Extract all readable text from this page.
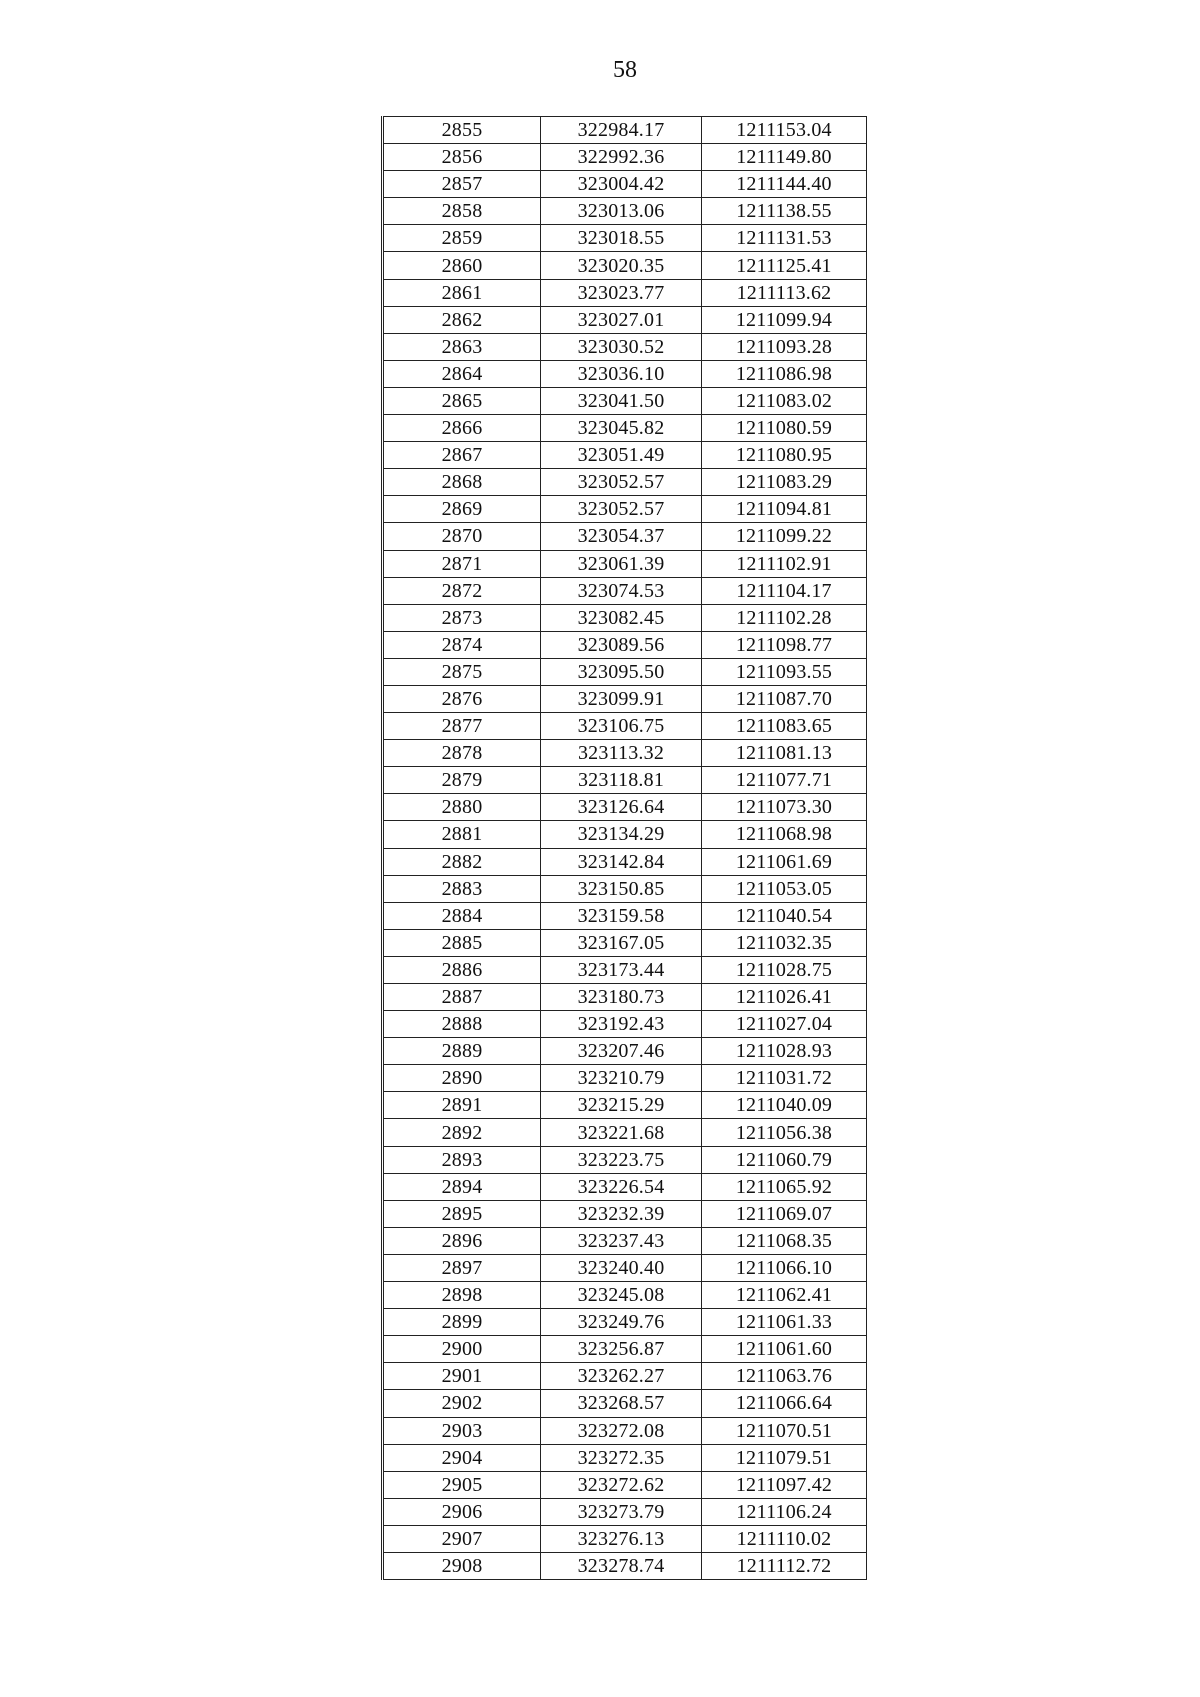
58
2855	322984.17	1211153.04
2856	322992.36	1211149.80
2857	323004.42	1211144.40
2858	323013.06	1211138.55
2859	323018.55	1211131.53
2860	323020.35	1211125.41
2861	323023.77	1211113.62
2862	323027.01	1211099.94
2863	323030.52	1211093.28
2864	323036.10	1211086.98
2865	323041.50	1211083.02
2866	323045.82	1211080.59
2867	323051.49	1211080.95
2868	323052.57	1211083.29
2869	323052.57	1211094.81
2870	323054.37	1211099.22
2871	323061.39	1211102.91
2872	323074.53	1211104.17
2873	323082.45	1211102.28
2874	323089.56	1211098.77
2875	323095.50	1211093.55
2876	323099.91	1211087.70
2877	323106.75	1211083.65
2878	323113.32	1211081.13
2879	323118.81	1211077.71
2880	323126.64	1211073.30
2881	323134.29	1211068.98
2882	323142.84	1211061.69
2883	323150.85	1211053.05
2884	323159.58	1211040.54
2885	323167.05	1211032.35
2886	323173.44	1211028.75
2887	323180.73	1211026.41
2888	323192.43	1211027.04
2889	323207.46	1211028.93
2890	323210.79	1211031.72
2891	323215.29	1211040.09
2892	323221.68	1211056.38
2893	323223.75	1211060.79
2894	323226.54	1211065.92
2895	323232.39	1211069.07
2896	323237.43	1211068.35
2897	323240.40	1211066.10
2898	323245.08	1211062.41
2899	323249.76	1211061.33
2900	323256.87	1211061.60
2901	323262.27	1211063.76
2902	323268.57	1211066.64
2903	323272.08	1211070.51
2904	323272.35	1211079.51
2905	323272.62	1211097.42
2906	323273.79	1211106.24
2907	323276.13	1211110.02
2908	323278.74	1211112.72
